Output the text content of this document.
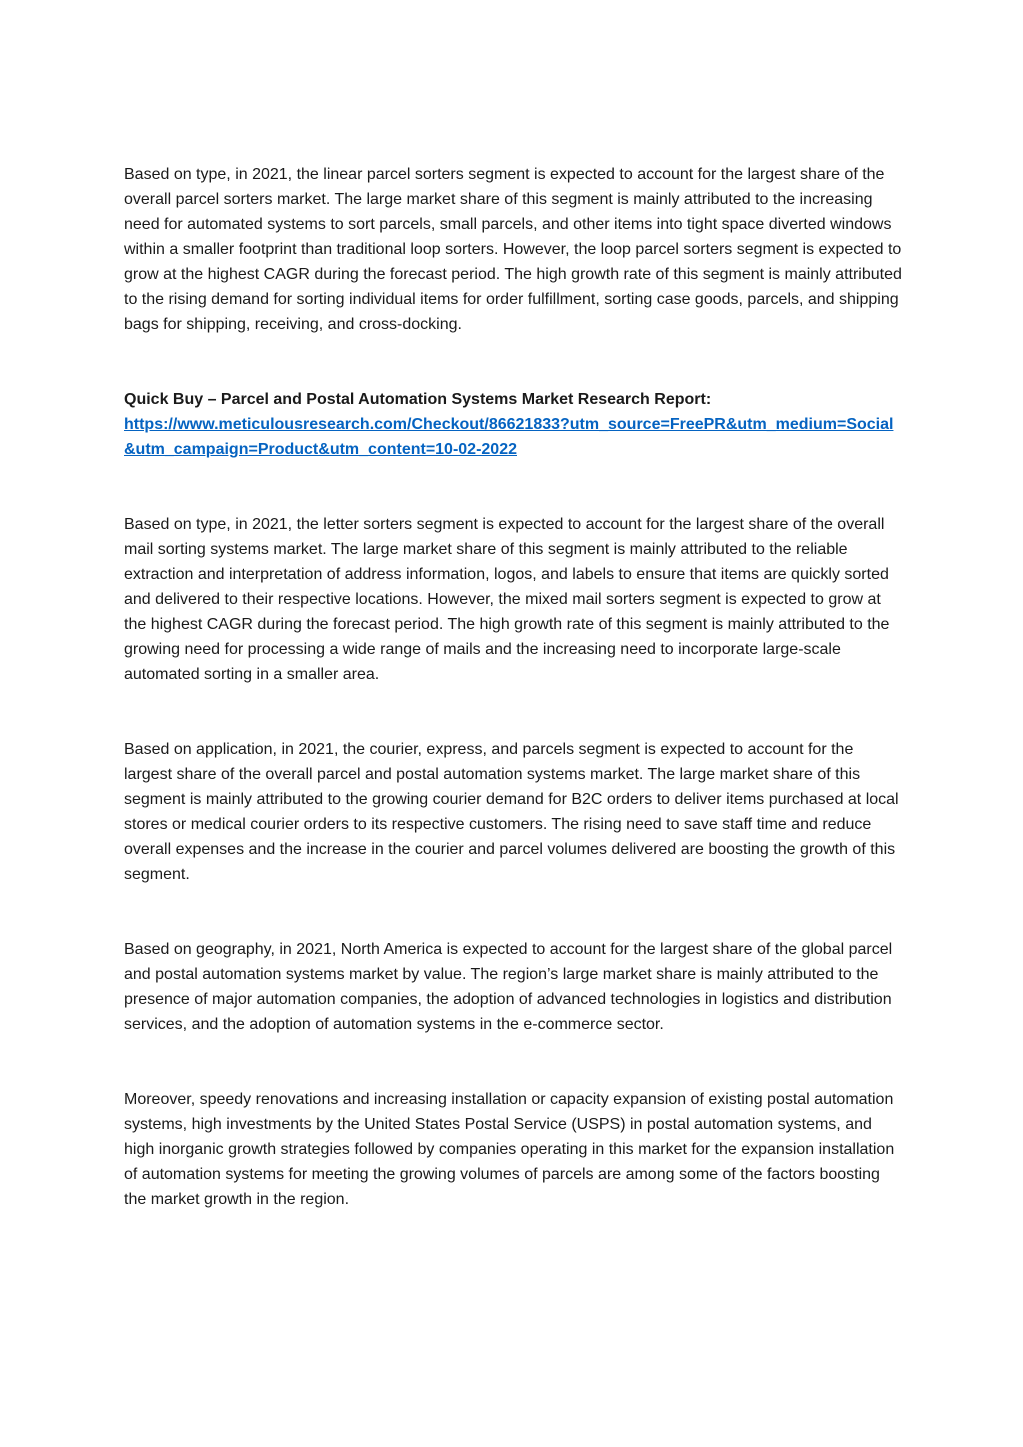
Based on type, in 2021, the linear parcel sorters segment is expected to account for the largest share of the overall parcel sorters market. The large market share of this segment is mainly attributed to the increasing need for automated systems to sort parcels, small parcels, and other items into tight space diverted windows within a smaller footprint than traditional loop sorters. However, the loop parcel sorters segment is expected to grow at the highest CAGR during the forecast period. The high growth rate of this segment is mainly attributed to the rising demand for sorting individual items for order fulfillment, sorting case goods, parcels, and shipping bags for shipping, receiving, and cross-docking.

Quick Buy – Parcel and Postal Automation Systems Market Research Report:

https://www.meticulousresearch.com/Checkout/86621833?utm_source=FreePR&utm_medium=Social&utm_campaign=Product&utm_content=10-02-2022

Based on type, in 2021, the letter sorters segment is expected to account for the largest share of the overall mail sorting systems market. The large market share of this segment is mainly attributed to the reliable extraction and interpretation of address information, logos, and labels to ensure that items are quickly sorted and delivered to their respective locations. However, the mixed mail sorters segment is expected to grow at the highest CAGR during the forecast period. The high growth rate of this segment is mainly attributed to the growing need for processing a wide range of mails and the increasing need to incorporate large-scale automated sorting in a smaller area.

Based on application, in 2021, the courier, express, and parcels segment is expected to account for the largest share of the overall parcel and postal automation systems market. The large market share of this segment is mainly attributed to the growing courier demand for B2C orders to deliver items purchased at local stores or medical courier orders to its respective customers. The rising need to save staff time and reduce overall expenses and the increase in the courier and parcel volumes delivered are boosting the growth of this segment.

Based on geography, in 2021, North America is expected to account for the largest share of the global parcel and postal automation systems market by value. The region’s large market share is mainly attributed to the presence of major automation companies, the adoption of advanced technologies in logistics and distribution services, and the adoption of automation systems in the e-commerce sector.

Moreover, speedy renovations and increasing installation or capacity expansion of existing postal automation systems, high investments by the United States Postal Service (USPS) in postal automation systems, and high inorganic growth strategies followed by companies operating in this market for the expansion installation of automation systems for meeting the growing volumes of parcels are among some of the factors boosting the market growth in the region.
